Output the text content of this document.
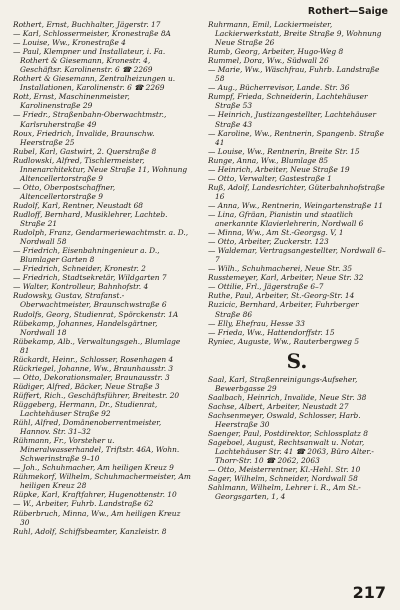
Rothert—Saige
Rothert, Ernst, Buchhalter, Jägerstr. 17
— Karl, Schlossermeister, Kronestraße 8A
— Louise, Ww., Kronestraße 4
— Paul, Klempner und Installateur, i. Fa. Rothert & Giesemann, Kronestr. 4, Geschäftsr. Karolinenstr. 6 ☎ 2269
Rothert & Giesemann, Zentralheizungen u. Installationen, Karolinenstr. 6 ☎ 2269
Rott, Ernst, Maschinenmeister, Karolinenstraße 29
— Friedr., Straßenbahn-Oberwachtmstr., Karlsruherstraße 49
Roux, Friedrich, Invalide, Braunschw. Heerstraße 25
Rubel, Karl, Gastwirt, 2. Querstraße 8
Rudlowski, Alfred, Tischlermeister, Innenarchitektur, Neue Straße 11, Wohnung Altencellertorstraße 9
— Otto, Oberpostschaffner, Altencellertorstraße 9
Rudolf, Karl, Rentner, Neustadt 68
Rudloff, Bernhard, Musiklehrer, Lachteb. Straße 21
Rudolph, Franz, Gendarmeriewachtmstr. a. D., Nordwall 58
— Friedrich, Eisenbahningenieur a. D., Blumlager Garten 8
— Friedrich, Schneider, Kronestr. 2
— Friedrich, Stadtsekretär, Wildgarten 7
— Walter, Kontrolleur, Bahnhofstr. 4
Rudowsky, Gustav, Strafanst.-Oberwachtmeister, Braunschwstraße 6
Rudolfs, Georg, Studienrat, Spörckenstr. 1A
Rübekamp, Johannes, Handelsgärtner, Nordwall 18
Rübekamp, Alb., Verwaltungsgeh., Blumlage 81
Rückardt, Heinr., Schlosser, Rosenhagen 4
Rückriegel, Johanne, Ww., Braunhausstr. 3
— Otto, Dekorationsmaler, Braunausstr. 3
Rüdiger, Alfred, Bäcker, Neue Straße 3
Rüffert, Rich., Geschäftsführer, Breitestr. 20
Rüggeberg, Hermann, Dr., Studienrat, Lachtehäuser Straße 92
Rühl, Alfred, Domänenoberrentmeister, Hannov. Str. 31–32
Rühmann, Fr., Vorsteher u. Mineralwasserhandel, Triftstr. 46A, Wohn. Schwerinstraße 9–10
— Joh., Schuhmacher, Am heiligen Kreuz 9
Rühmekorf, Wilhelm, Schuhmachermeister, Am heiligen Kreuz 28
Rüpke, Karl, Kraftfahrer, Hugenottenstr. 10
— W., Arbeiter, Fuhrb. Landstraße 62
Rüberbruch, Minna, Ww., Am heiligen Kreuz 30
Ruhl, Adolf, Schiffsbeamter, Kanzleistr. 8
Ruhrmann, Emil, Lackiermeister, Lackierwerkstatt, Breite Straße 9, Wohnung Neue Straße 26
Rumb, Georg, Arbeiter, Hugo-Weg 8
Rummel, Dora, Ww., Südwall 26
— Marie, Ww., Wäschfrau, Fuhrb. Landstraße 58
— Aug., Bücherrevisor, Lande. Str. 36
Rumpf, Frieda, Schneiderin, Lachtehäuser Straße 53
— Heinrich, Justizangestellter, Lachtehäuser Straße 43
— Karoline, Ww., Rentnerin, Spangenb. Straße 41
— Louise, Ww., Rentnerin, Breite Str. 15
Runge, Anna, Ww., Blumlage 85
— Heinrich, Arbeiter, Neue Straße 19
— Otto, Verwalter, Gastestraße 1
Ruß, Adolf, Landesrichter, Güterbahnhofstraße 16
— Anna, Ww., Rentnerin, Weingartenstraße 11
— Lina, Gfräan, Pianistin und staatlich anerkannte Klavierlehrerin, Nordwall 6
— Minna, Ww., Am St.-Georgsg. V, 1
— Otto, Arbeiter, Zuckerstr. 123
— Waldemar, Vertragsangestellter, Nordwall 6–7
— Wilh., Schuhmacherei, Neue Str. 35
Russtemeyer, Karl, Arbeiter, Neue Str. 32
— Ottilie, Frl., Jägerstraße 6–7
Ruthe, Paul, Arbeiter, St.-Georg-Str. 14
Ruzicic, Bernhard, Arbeiter, Fuhrberger Straße 86
— Elly, Ehefrau, Hesse 33
— Frieda, Ww., Hattendorffstr. 15
Ryniec, Auguste, Ww., Rauterbergweg 5
S.
Saal, Karl, Straßenreinigungs-Aufseher, Bewerbgasse 29
Saalbach, Heinrich, Invalide, Neue Str. 38
Sachse, Albert, Arbeiter, Neustadt 27
Sachsenmeyer, Oswald, Schlosser, Harb. Heerstraße 30
Saenger, Paul, Postdirektor, Schlossplatz 8
Sageboel, August, Rechtsanwalt u. Notar, Lachtehäuser Str. 41 ☎ 2063, Büro Alter.-Thorr-Str. 10 ☎ 2062, 2063
— Otto, Meisterrentner, Kl.-Hehl. Str. 10
Sager, Wilhelm, Schneider, Nordwall 58
Sahlmann, Wilhelm, Lehrer i. R., Am St.-Georgsgarten, 1, 4
217
